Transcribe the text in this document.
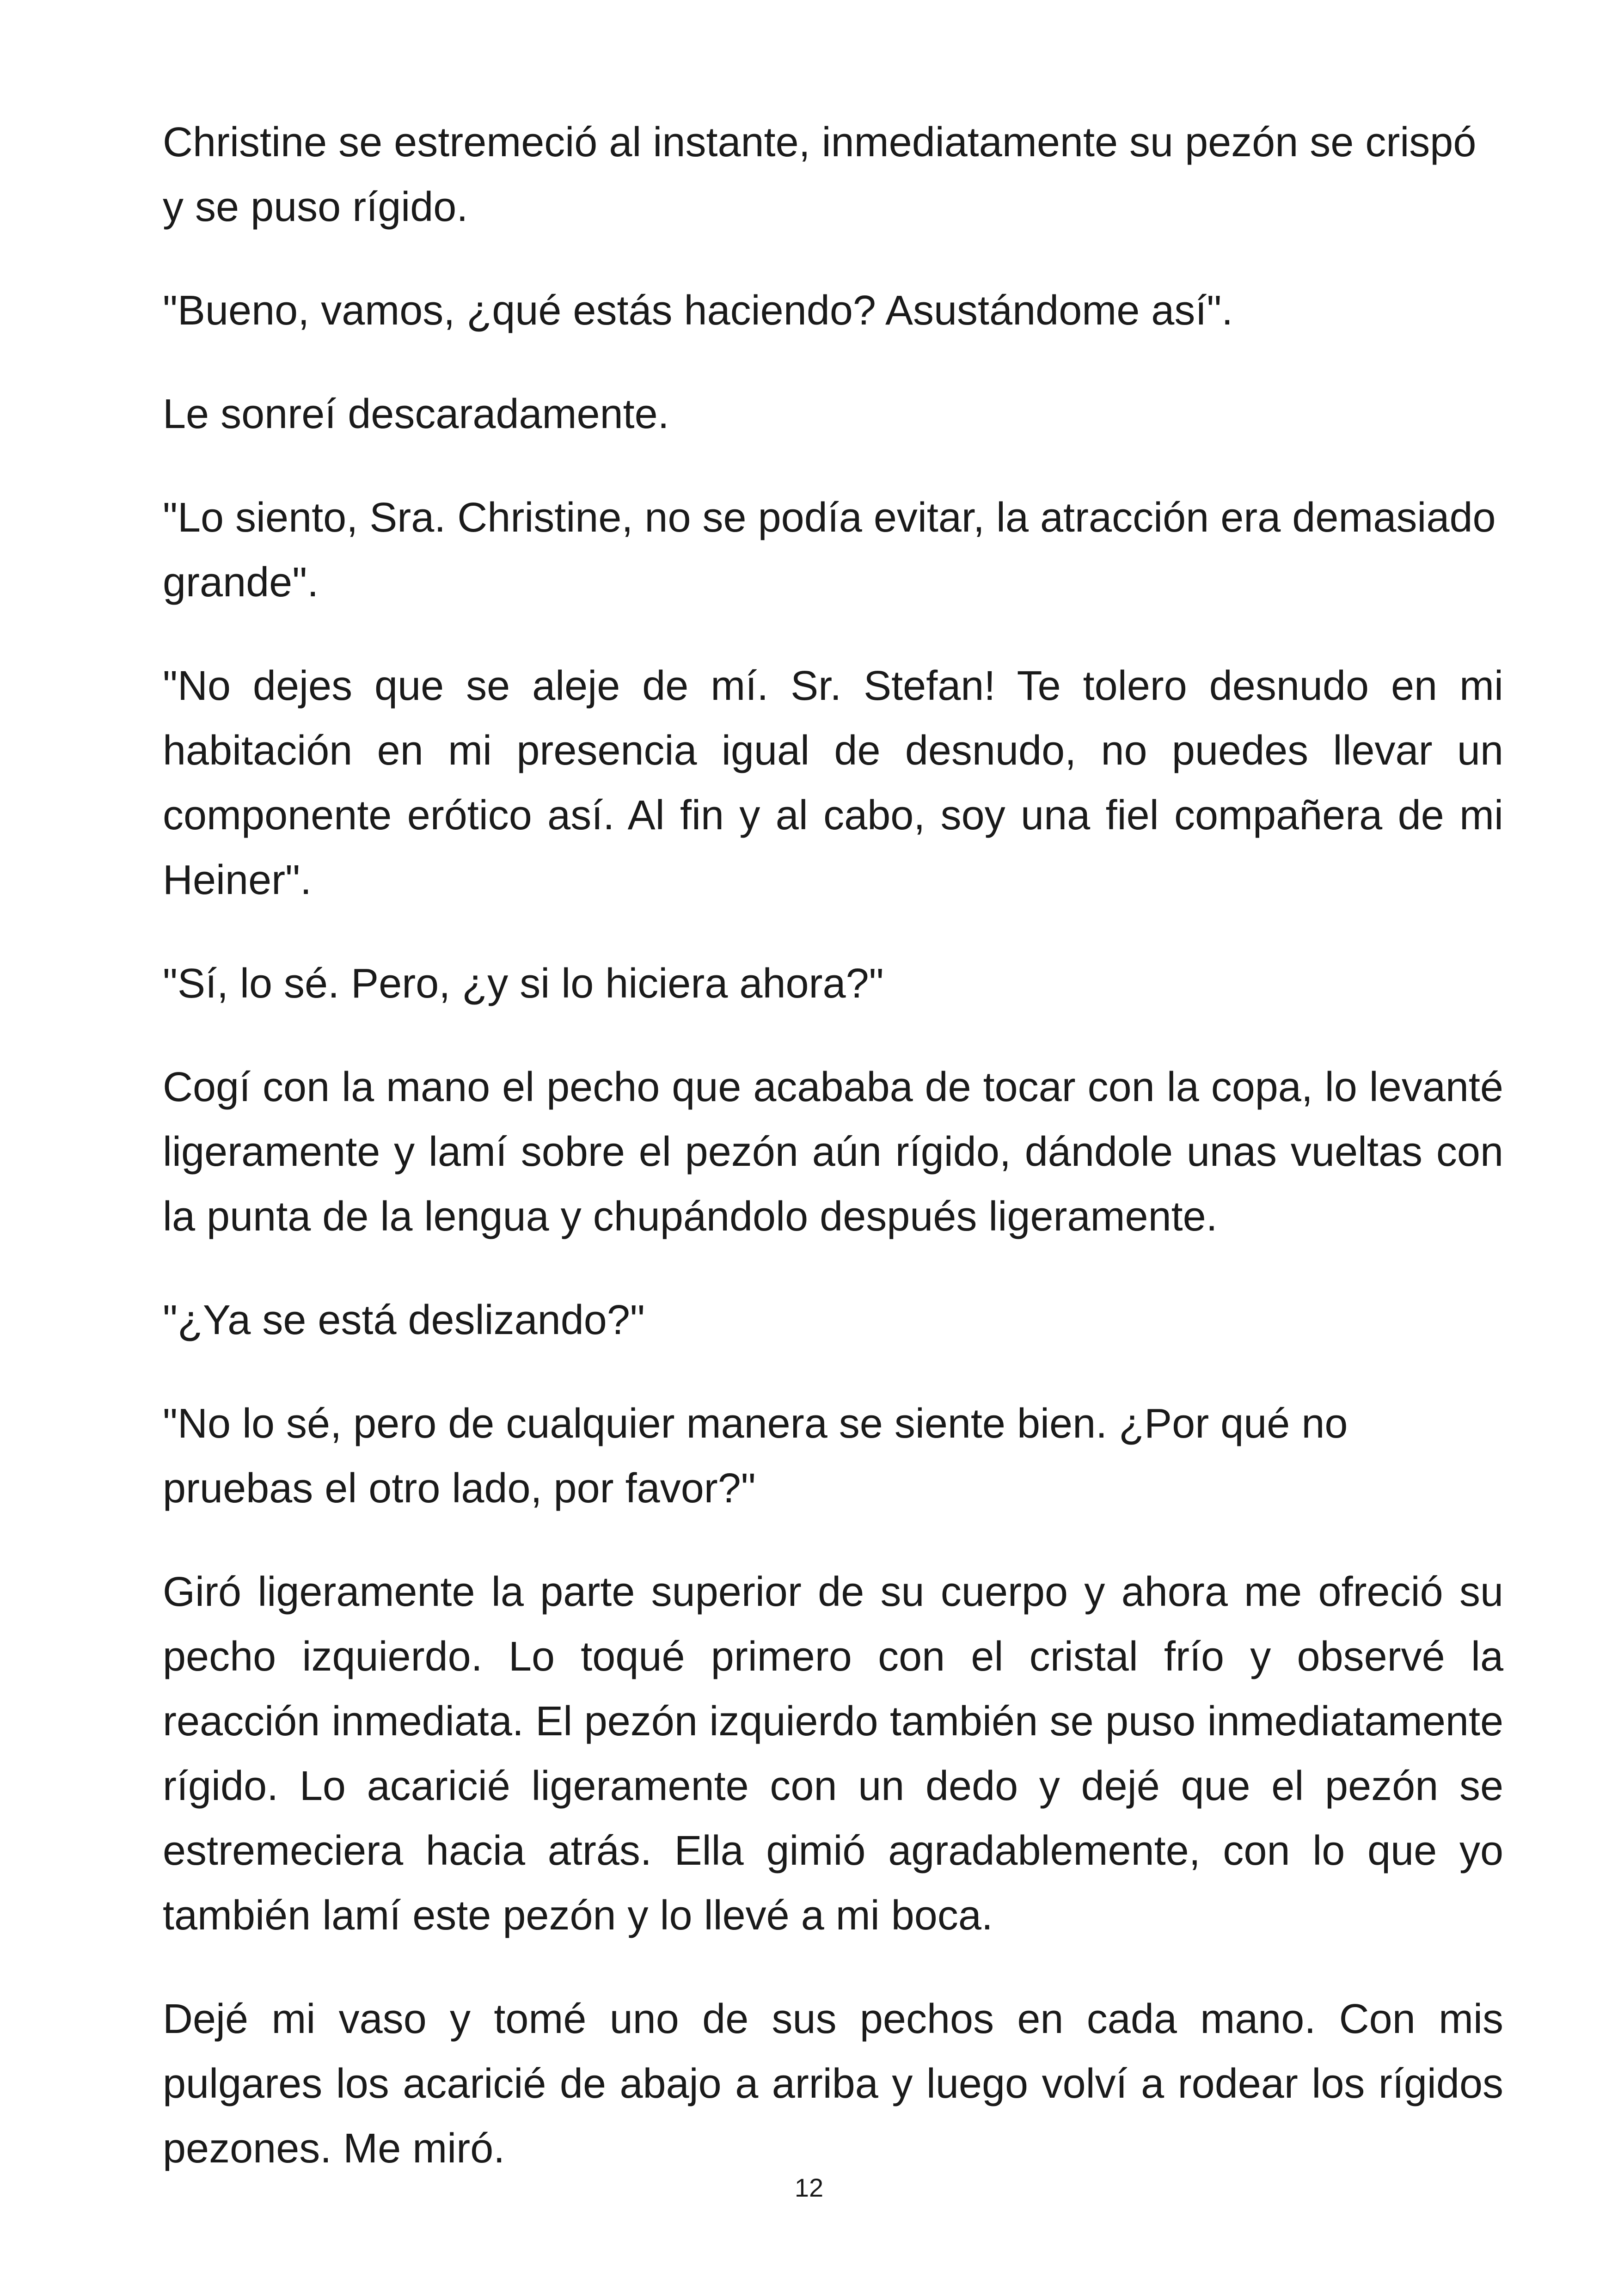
Christine se estremeció al instante, inmediatamente su pezón se crispó y se puso rígido.

"Bueno, vamos, ¿qué estás haciendo? Asustándome así".

Le sonreí descaradamente.

"Lo siento, Sra. Christine, no se podía evitar, la atracción era demasiado grande".

"No dejes que se aleje de mí. Sr. Stefan! Te tolero desnudo en mi habitación en mi presencia igual de desnudo, no puedes llevar un componente erótico así. Al fin y al cabo, soy una fiel compañera de mi Heiner".

"Sí, lo sé. Pero, ¿y si lo hiciera ahora?"

Cogí con la mano el pecho que acababa de tocar con la copa, lo levanté ligeramente y lamí sobre el pezón aún rígido, dándole unas vueltas con la punta de la lengua y chupándolo después ligeramente.

"¿Ya se está deslizando?"

"No lo sé, pero de cualquier manera se siente bien. ¿Por qué no pruebas el otro lado, por favor?"

Giró ligeramente la parte superior de su cuerpo y ahora me ofreció su pecho izquierdo. Lo toqué primero con el cristal frío y observé la reacción inmediata. El pezón izquierdo también se puso inmediatamente rígido. Lo acaricié ligeramente con un dedo y dejé que el pezón se estremeciera hacia atrás. Ella gimió agradablemente, con lo que yo también lamí este pezón y lo llevé a mi boca.

Dejé mi vaso y tomé uno de sus pechos en cada mano. Con mis pulgares los acaricié de abajo a arriba y luego volví a rodear los rígidos pezones. Me miró.

12
